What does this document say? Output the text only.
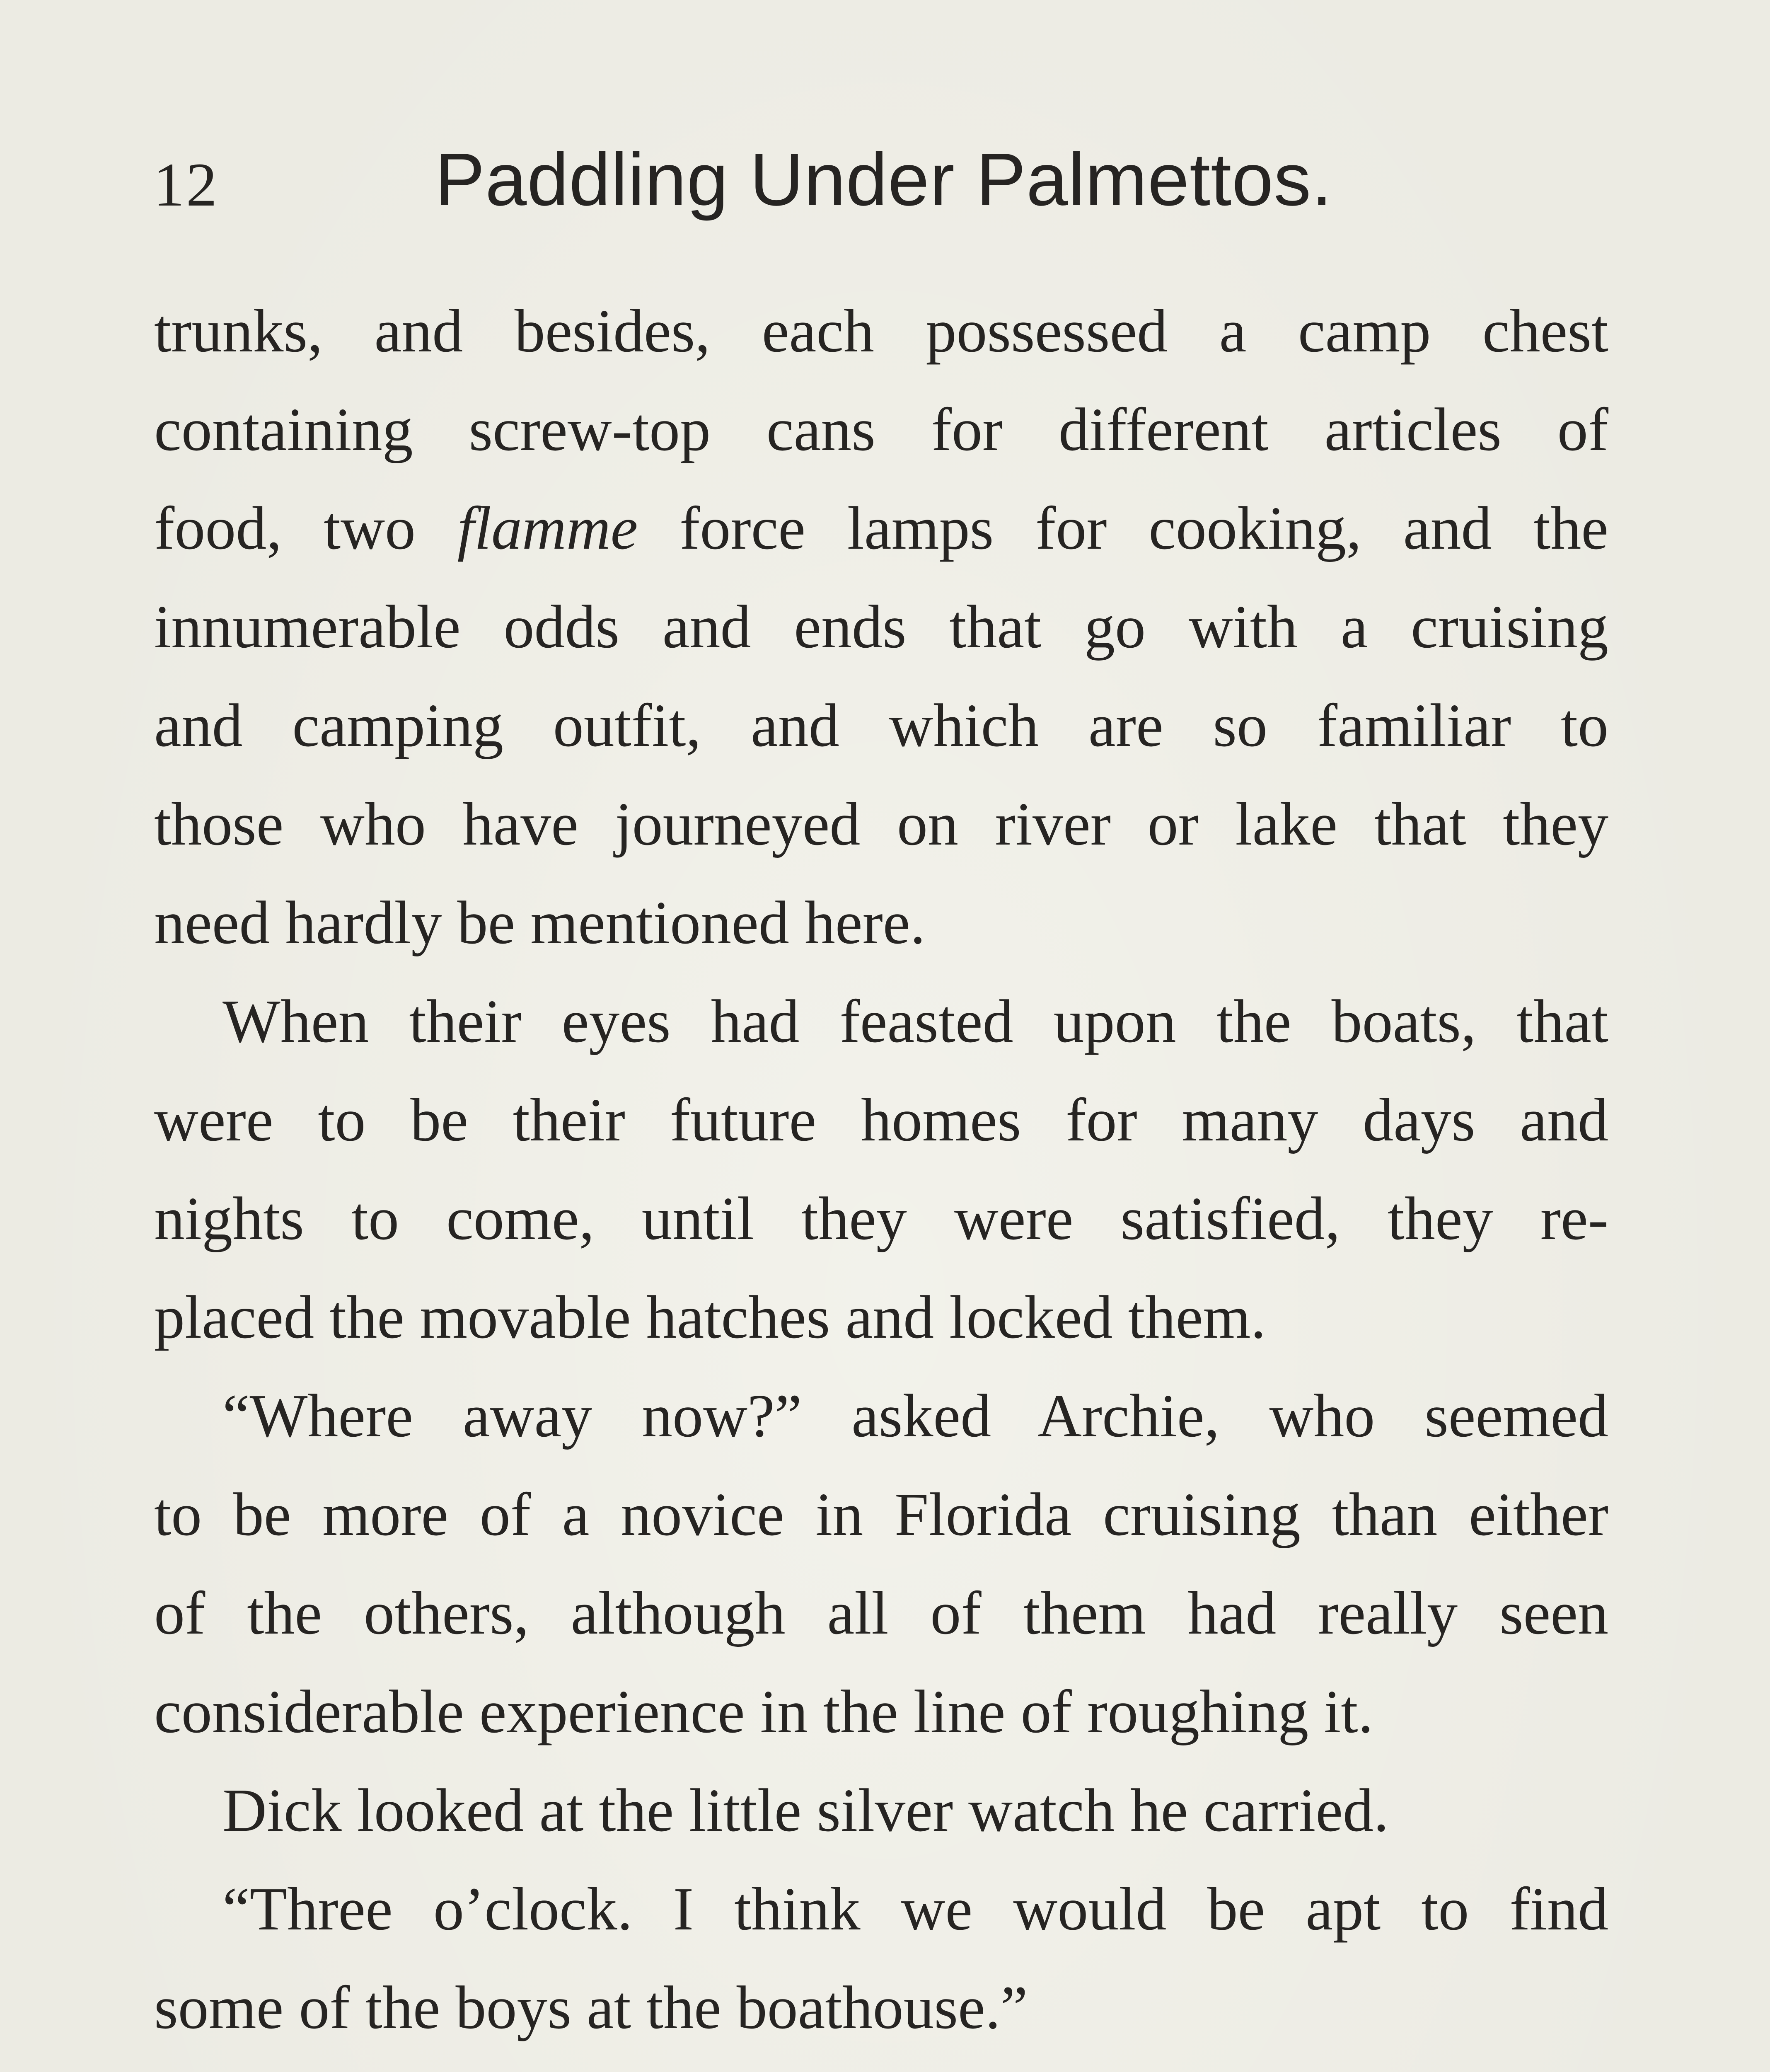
12	Paddling Under Palmettos.
trunks, and besides, each possessed a camp chest
containing screw-top cans for different articles of
food, two flamme force lamps for cooking, and the
innumerable odds and ends that go with a cruising
and camping outfit, and which are so familiar to
those who have journeyed on river or lake that they
need hardly be mentioned here.
When their eyes had feasted upon the boats, that
were to be their future homes for many days and
nights to come, until they were satisfied, they re-
placed the movable hatches and locked them.
“Where away now?” asked Archie, who seemed
to be more of a novice in Florida cruising than either
of the others, although all of them had really seen
considerable experience in the line of roughing it.
Dick looked at the little silver watch he carried.
“Three o’clock. I think we would be apt to find
some of the boys at the boathouse.”
